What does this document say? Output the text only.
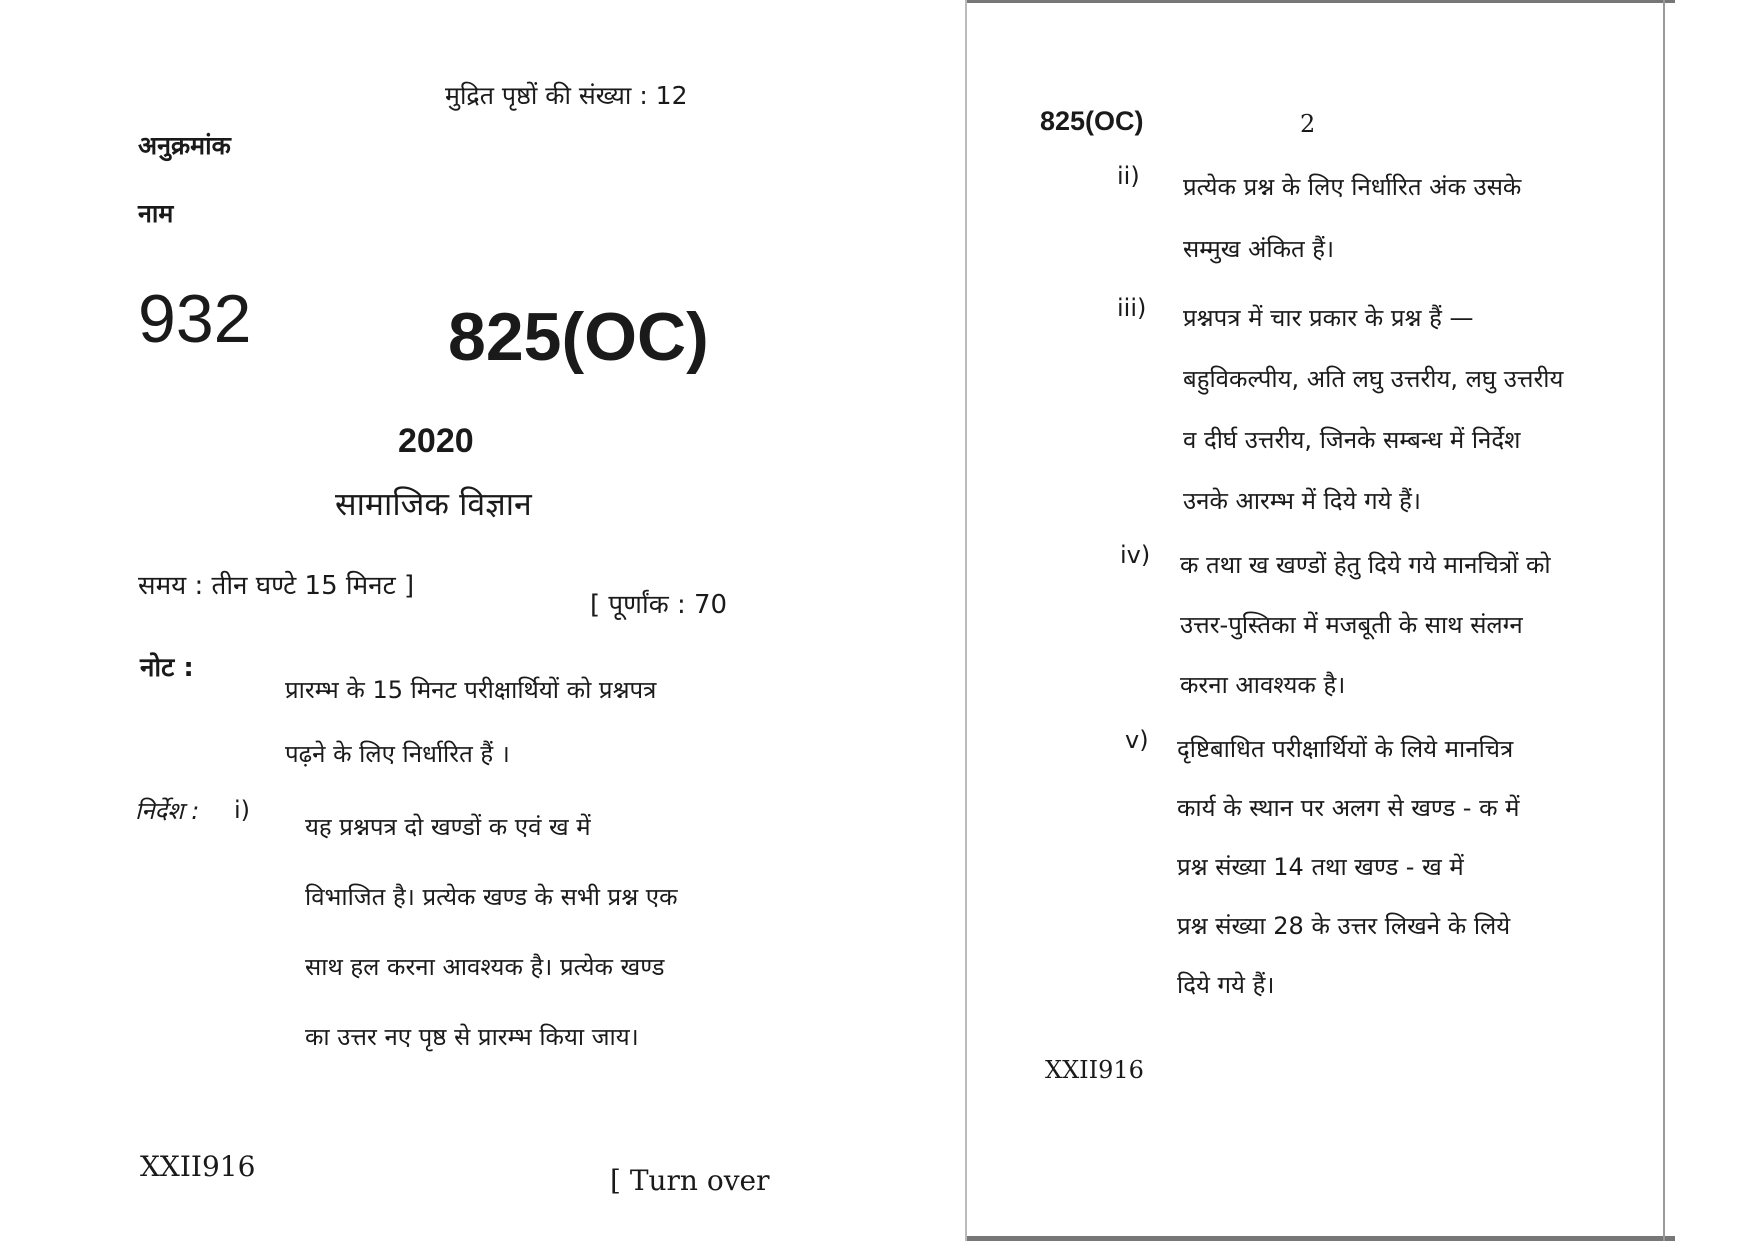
मुद्रित पृष्ठों की संख्या : 12
अनुक्रमांक
नाम
932	825(OC)
2020
सामाजिक विज्ञान
समय : तीन घण्टे 15 मिनट ]
[ पूर्णांक : 70
नोट :
प्रारम्भ के 15 मिनट परीक्षार्थियों को प्रश्नपत्र
पढ़ने के लिए निर्धारित हैं ।
निर्देश : i)
यह प्रश्नपत्र दो खण्डों क एवं ख में
विभाजित है। प्रत्येक खण्ड के सभी प्रश्न एक
साथ हल करना आवश्यक है। प्रत्येक खण्ड
का उत्तर नए पृष्ठ से प्रारम्भ किया जाय।
XXII916	[ Turn over
825(OC)	2
ii) प्रत्येक प्रश्न के लिए निर्धारित अंक उसके
सम्मुख अंकित हैं।
iii) प्रश्नपत्र में चार प्रकार के प्रश्न हैं —
बहुविकल्पीय, अति लघु उत्तरीय, लघु उत्तरीय
व दीर्घ उत्तरीय, जिनके सम्बन्ध में निर्देश
उनके आरम्भ में दिये गये हैं।
iv) क तथा ख खण्डों हेतु दिये गये मानचित्रों को
उत्तर-पुस्तिका में मजबूती के साथ संलग्न
करना आवश्यक है।
v) दृष्टिबाधित परीक्षार्थियों के लिये मानचित्र
कार्य के स्थान पर अलग से खण्ड - क में
प्रश्न संख्या 14 तथा खण्ड - ख में
प्रश्न संख्या 28 के उत्तर लिखने के लिये
दिये गये हैं।
XXII916
